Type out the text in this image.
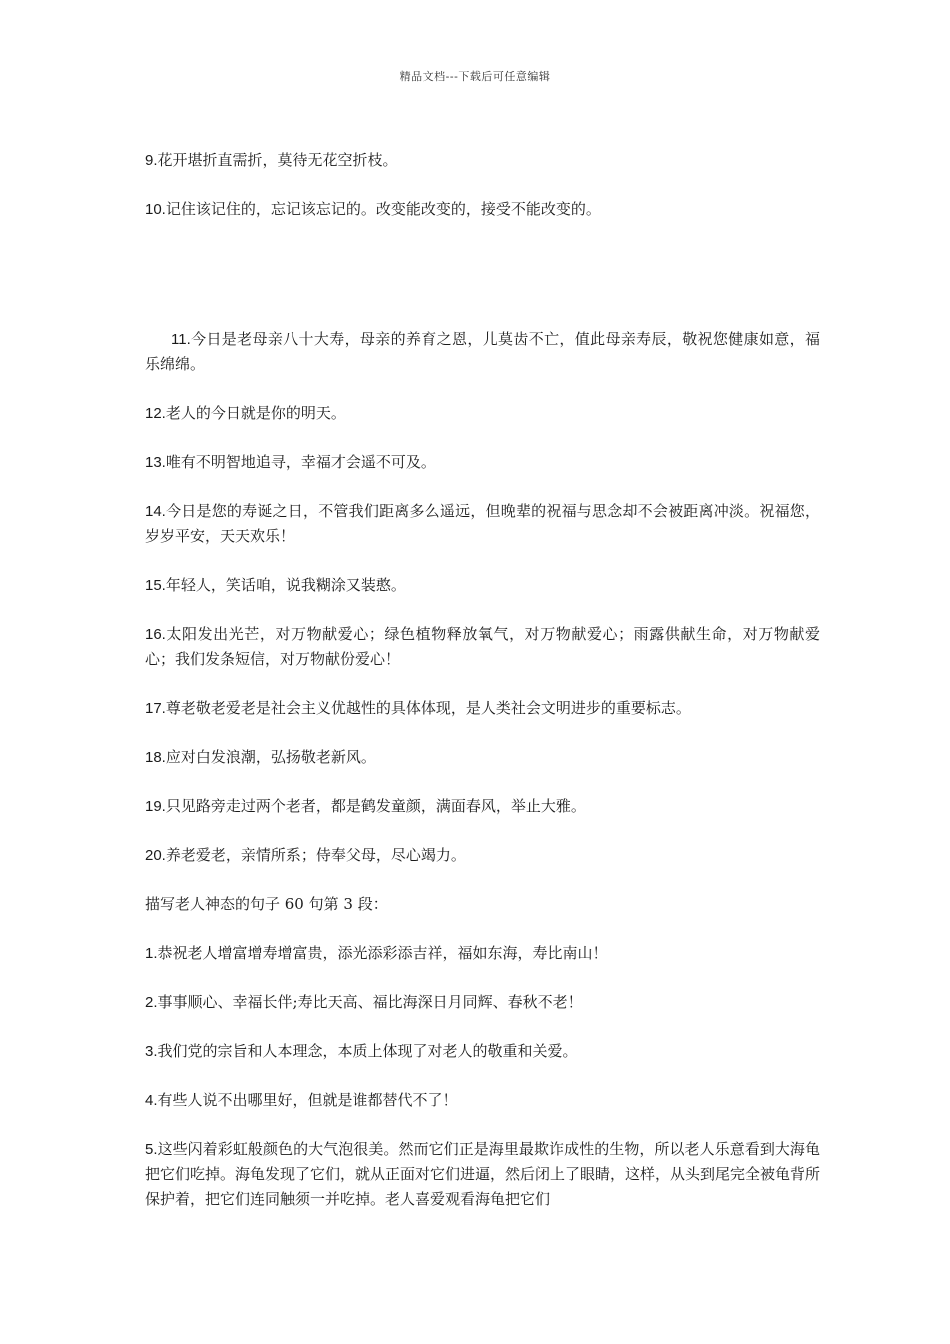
精品文档---下载后可任意编辑

9.花开堪折直需折，莫待无花空折枝。

10.记住该记住的，忘记该忘记的。改变能改变的，接受不能改变的。

11.今日是老母亲八十大寿，母亲的养育之恩，儿莫齿不亡，值此母亲寿辰，敬祝您健康如意，福乐绵绵。

12.老人的今日就是你的明天。

13.唯有不明智地追寻，幸福才会遥不可及。

14.今日是您的寿诞之日，不管我们距离多么遥远，但晚辈的祝福与思念却不会被距离冲淡。祝福您，岁岁平安，天天欢乐！

15.年轻人，笑话咱，说我糊涂又装憨。

16.太阳发出光芒，对万物献爱心；绿色植物释放氧气，对万物献爱心；雨露供献生命，对万物献爱心；我们发条短信，对万物献份爱心！

17.尊老敬老爱老是社会主义优越性的具体体现，是人类社会文明进步的重要标志。

18.应对白发浪潮，弘扬敬老新风。

19.只见路旁走过两个老者，都是鹤发童颜，满面春风，举止大雅。

20.养老爱老，亲情所系；侍奉父母，尽心竭力。

描写老人神态的句子 60 句第 3 段：

1.恭祝老人增富增寿增富贵，添光添彩添吉祥，福如东海，寿比南山！

2.事事顺心、幸福长伴;寿比天高、福比海深日月同辉、春秋不老！

3.我们党的宗旨和人本理念，本质上体现了对老人的敬重和关爱。

4.有些人说不出哪里好，但就是谁都替代不了！

5.这些闪着彩虹般颜色的大气泡很美。然而它们正是海里最欺诈成性的生物，所以老人乐意看到大海龟把它们吃掉。海龟发现了它们，就从正面对它们进逼，然后闭上了眼睛，这样，从头到尾完全被龟背所保护着，把它们连同触须一并吃掉。老人喜爱观看海龟把它们
